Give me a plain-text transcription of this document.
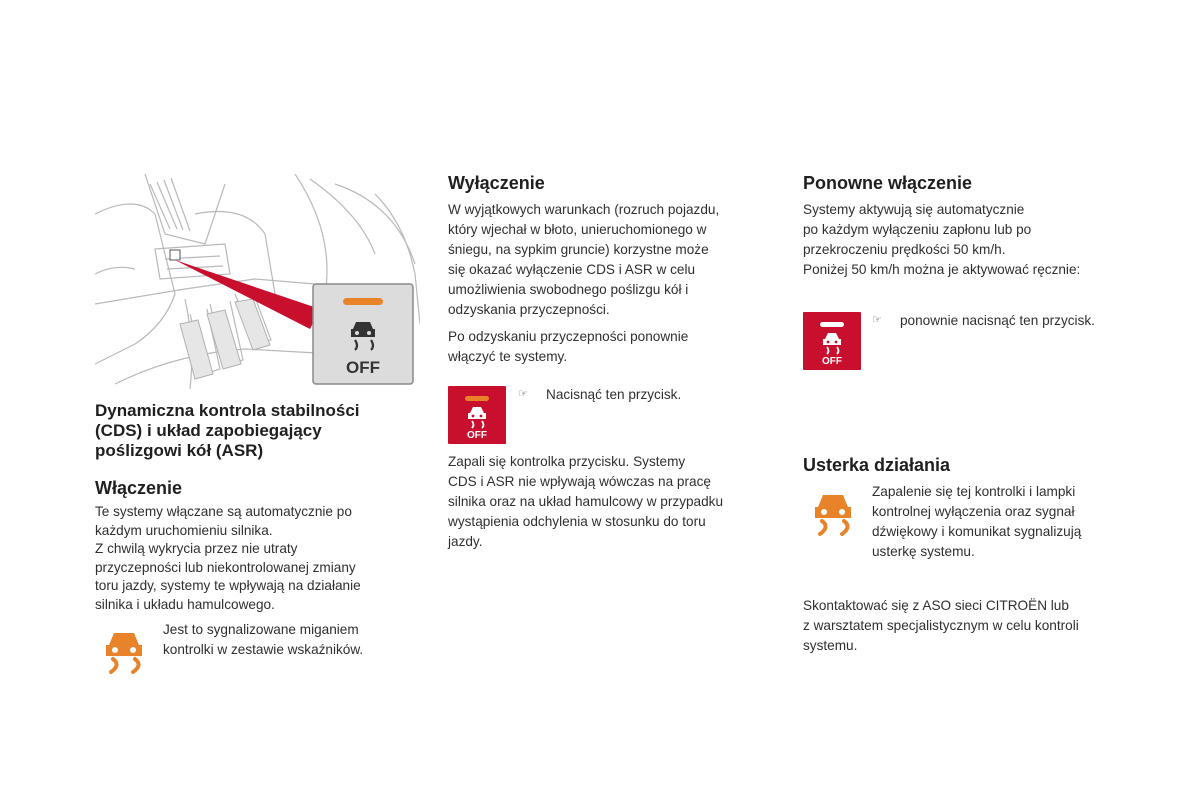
OFF

Dynamiczna kontrola stabilności
(CDS) i układ zapobiegający
poślizgowi kół (ASR)

Włączenie
Te systemy włączane są automatycznie po
każdym uruchomieniu silnika.
Z chwilą wykrycia przez nie utraty
przyczepności lub niekontrolowanej zmiany
toru jazdy, systemy te wpływają na działanie
silnika i układu hamulcowego.
Jest to sygnalizowane miganiem
kontrolki w zestawie wskaźników.
Wyłączenie
W wyjątkowych warunkach (rozruch pojazdu,
który wjechał w błoto, unieruchomionego w
śniegu, na sypkim gruncie) korzystne może
się okazać wyłączenie CDS i ASR w celu
umożliwienia swobodnego poślizgu kół i
odzyskania przyczepności.
Po odzyskaniu przyczepności ponownie
włączyć te systemy.
OFF
☞	Nacisnąć ten przycisk.
Zapali się kontrolka przycisku. Systemy
CDS i ASR nie wpływają wówczas na pracę
silnika oraz na układ hamulcowy w przypadku
wystąpienia odchylenia w stosunku do toru
jazdy.
Ponowne włączenie
Systemy aktywują się automatycznie
po każdym wyłączeniu zapłonu lub po
przekroczeniu prędkości 50 km/h.
Poniżej 50 km/h można je aktywować ręcznie:
OFF
☞	ponownie nacisnąć ten przycisk.
Usterka działania
Zapalenie się tej kontrolki i lampki
kontrolnej wyłączenia oraz sygnał
dźwiękowy i komunikat sygnalizują
usterkę systemu.
Skontaktować się z ASO sieci CITROËN lub
z warsztatem specjalistycznym w celu kontroli
systemu.
